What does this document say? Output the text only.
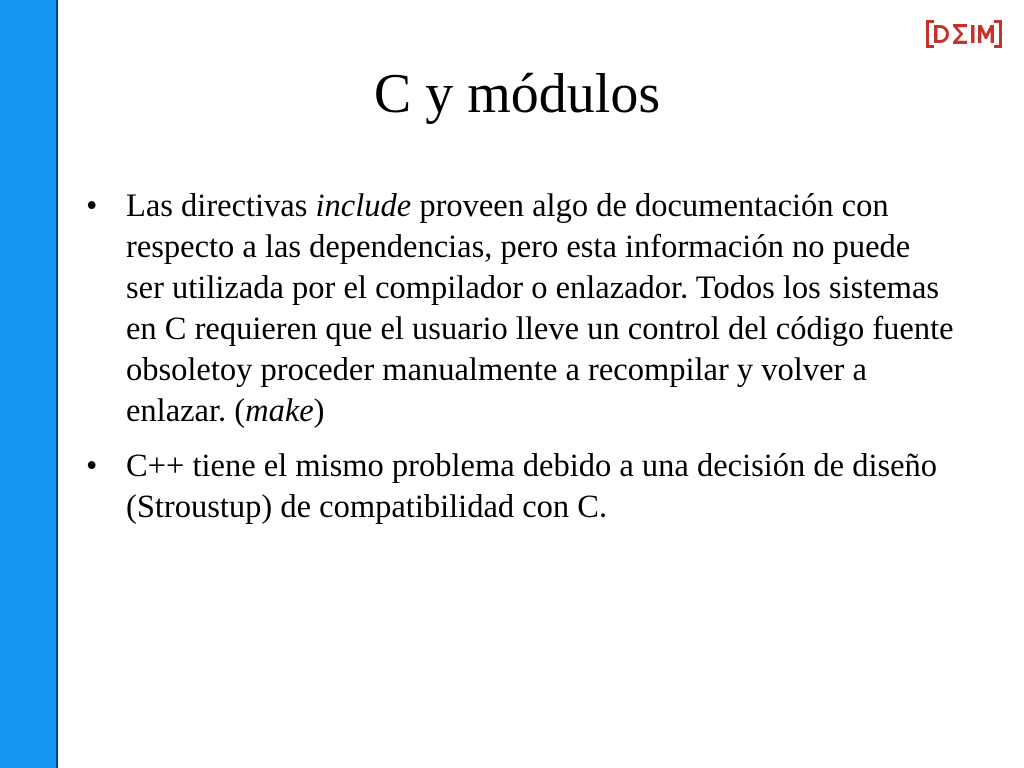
C y módulos
• Las directivas include proveen algo de documentación con respecto a las dependencias, pero esta información no puede ser utilizada por el compilador o enlazador. Todos los sistemas en C requieren que el usuario lleve un control del código fuente obsoletoy proceder manualmente a recompilar y volver a enlazar. (make)
• C++ tiene el mismo problema debido a una decisión de diseño (Stroustup) de compatibilidad con C.
